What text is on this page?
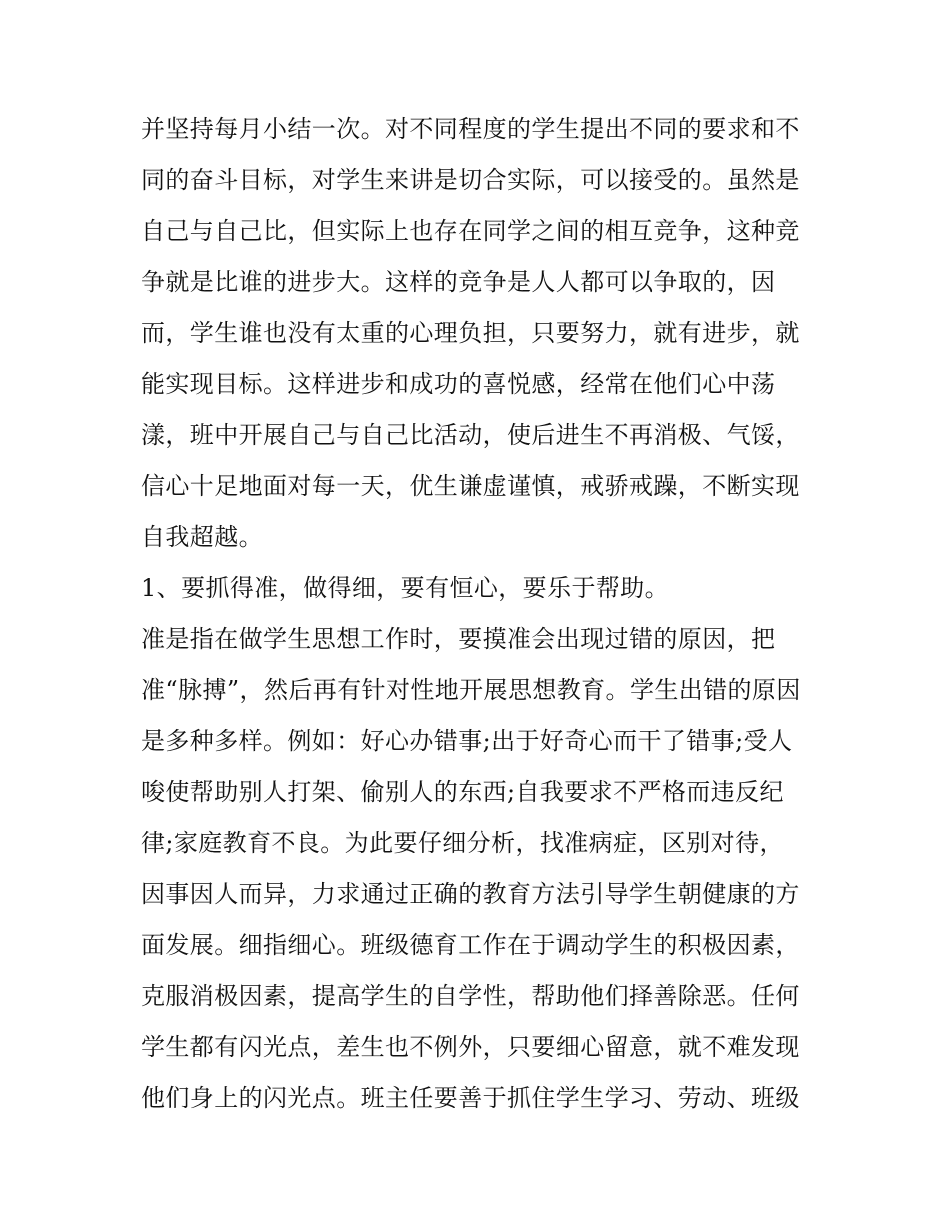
并坚持每月小结一次。对不同程度的学生提出不同的要求和不
同的奋斗目标，对学生来讲是切合实际，可以接受的。虽然是
自己与自己比，但实际上也存在同学之间的相互竞争，这种竞
争就是比谁的进步大。这样的竞争是人人都可以争取的，因
而，学生谁也没有太重的心理负担，只要努力，就有进步，就
能实现目标。这样进步和成功的喜悦感，经常在他们心中荡
漾，班中开展自己与自己比活动，使后进生不再消极、气馁，
信心十足地面对每一天，优生谦虚谨慎，戒骄戒躁，不断实现
自我超越。
1、要抓得准，做得细，要有恒心，要乐于帮助。
准是指在做学生思想工作时，要摸准会出现过错的原因，把
准“脉搏”，然后再有针对性地开展思想教育。学生出错的原因
是多种多样。例如：好心办错事;出于好奇心而干了错事;受人
唆使帮助别人打架、偷别人的东西;自我要求不严格而违反纪
律;家庭教育不良。为此要仔细分析，找准病症，区别对待，
因事因人而异，力求通过正确的教育方法引导学生朝健康的方
面发展。细指细心。班级德育工作在于调动学生的积极因素，
克服消极因素，提高学生的自学性，帮助他们择善除恶。任何
学生都有闪光点，差生也不例外，只要细心留意，就不难发现
他们身上的闪光点。班主任要善于抓住学生学习、劳动、班级
